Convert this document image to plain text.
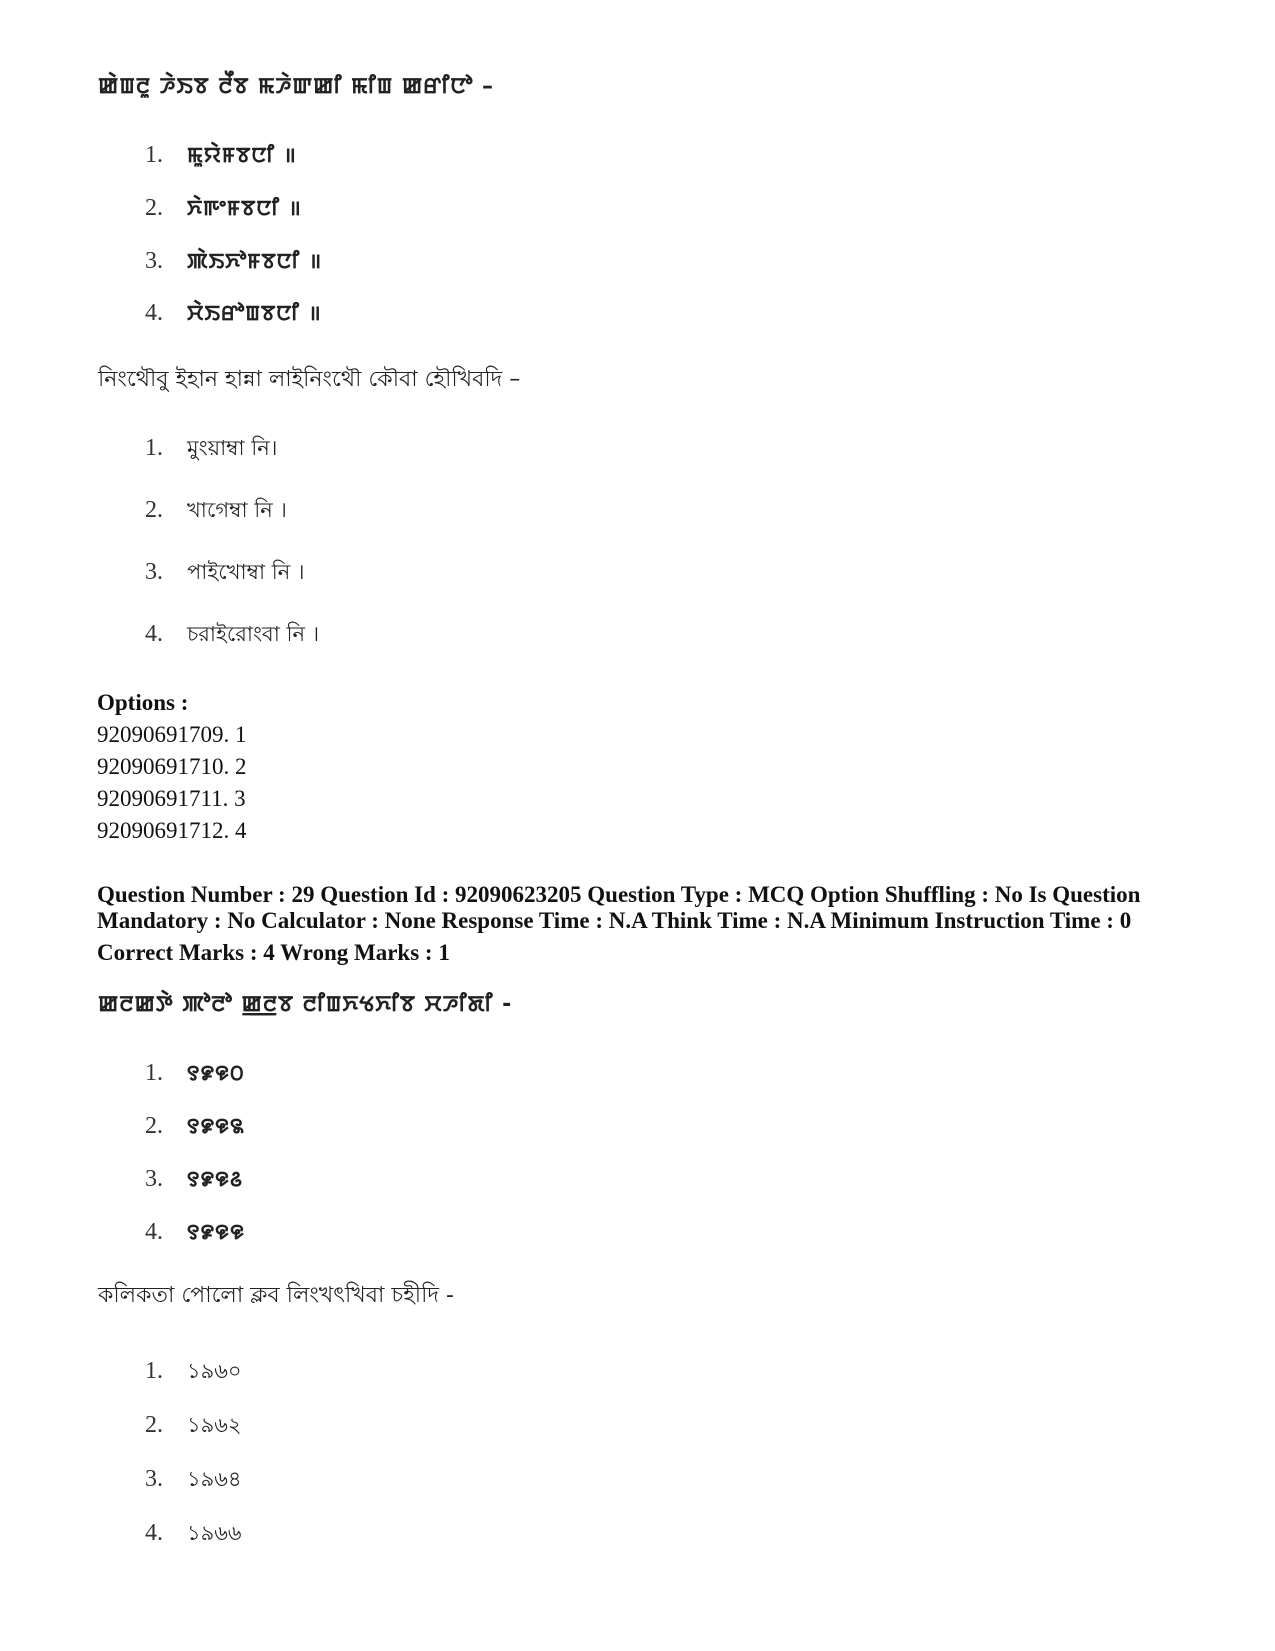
ꯀꯥꯡꯂꯨ ꯍꯥꯏꯕ ꯂꯩꯕ ꯃꯍꯥꯛꯀꯤ ꯃꯤꯡ ꯀꯔꯤꯅꯣ –
1. ꯃꯨꯌꯥꯝꯕꯅꯤ ॥
2. ꯈꯥꯒꯦꯝꯕꯅꯤ ॥
3. ꯄꯥꯏꯈꯣꯝꯕꯅꯤ ॥
4. ꯆꯥꯏꯔꯣꯡꯕꯅꯤ ॥
নিংথৌবু ইহান হান্না লাইনিংথৌ কৌবা হৌখিবদি –
1. মুংয়াম্বা নি।
2. খাগেম্বা নি ।
3. পাইখোম্বা নি ।
4. চরাইরোংবা নি ।
Options :
92090691709. 1
92090691710. 2
92090691711. 3
92090691712. 4
Question Number : 29 Question Id : 92090623205 Question Type : MCQ Option Shuffling : No Is Question
Mandatory : No Calculator : None Response Time : N.A Think Time : N.A Minimum Instruction Time : 0
Correct Marks : 4 Wrong Marks : 1
ꯀꯂꯀꯇꯥ ꯄꯣꯂꯣ ꯀ꯭ꯂꯕ ꯂꯤꯡꯈꯠꯈꯤꯕ ꯆꯍꯤꯗꯤ -
1. ꯱꯹꯶꯰
2. ꯱꯹꯶꯲
3. ꯱꯹꯶꯴
4. ꯱꯹꯶꯶
কলিকতা পোলো ক্লব লিংখৎখিবা চহীদি -
1. ১৯৬০
2. ১৯৬২
3. ১৯৬৪
4. ১৯৬৬
